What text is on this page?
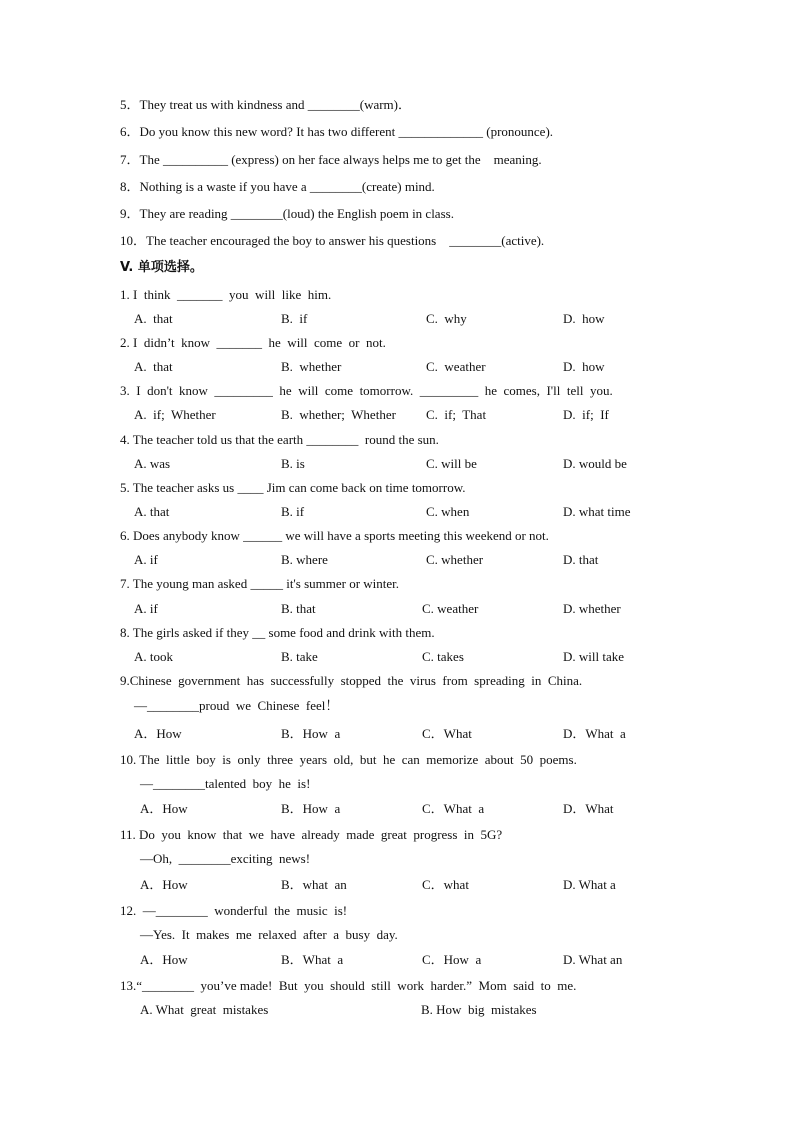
5．They treat us with kindness and ________(warm)．
6．Do you know this new word? It has two different _____________ (pronounce).
7．The __________ (express) on her face always helps me to get the    meaning.
8．Nothing is a waste if you have a ________(create) mind.
9．They are reading ________(loud) the English poem in class.
10．The teacher encouraged the boy to answer his questions    ________(active).
V. 单项选择。
1. I  think  _______  you  will  like  him.
A.  that	B.  if	C.  why	D.  how
2. I  didn’t  know  _______  he  will  come  or  not.
A.  that	B.  whether	C.  weather	D.  how
3.  I  don't  know  _________  he  will  come  tomorrow.  _________  he  comes,  I'll  tell  you.
A.  if;  Whether	B.  whether;  Whether C.  if;  That	D.  if;  If
4. The teacher told us that the earth ________  round the sun.
A. was	B. is	C. will be	D. would be
5. The teacher asks us ____ Jim can come back on time tomorrow.
A. that	B. if	C. when	D. what time
6. Does anybody know ______ we will have a sports meeting this weekend or not.
A. if	B. where	C. whether	D. that
7. The young man asked _____ it's summer or winter.
A. if	B. that	C. weather	D. whether
8. The girls asked if they __ some food and drink with them.
A. took	B. take	C. takes	D. will take
9.Chinese  government  has  successfully  stopped  the  virus  from  spreading  in  China.
—________proud  we  Chinese  feel！
A．How	B．How  a	C．What	D．What  a
10. The  little  boy  is  only  three  years  old,  but  he  can  memorize  about  50  poems.
—________talented  boy  he  is!
A．How	B．How  a	C．What  a	D．What
11. Do  you  know  that  we  have  already  made  great  progress  in  5G?
—Oh,  ________exciting  news!
A．How	B．what  an	C．what	D. What a
12.  —________  wonderful  the  music  is!
—Yes.  It  makes  me  relaxed  after  a  busy  day.
A．How	B．What  a	C．How  a	D. What an
13.“________  you’ve made!  But  you  should  still  work  harder.”  Mom  said  to  me.
A. What  great  mistakes	B. How  big  mistakes
